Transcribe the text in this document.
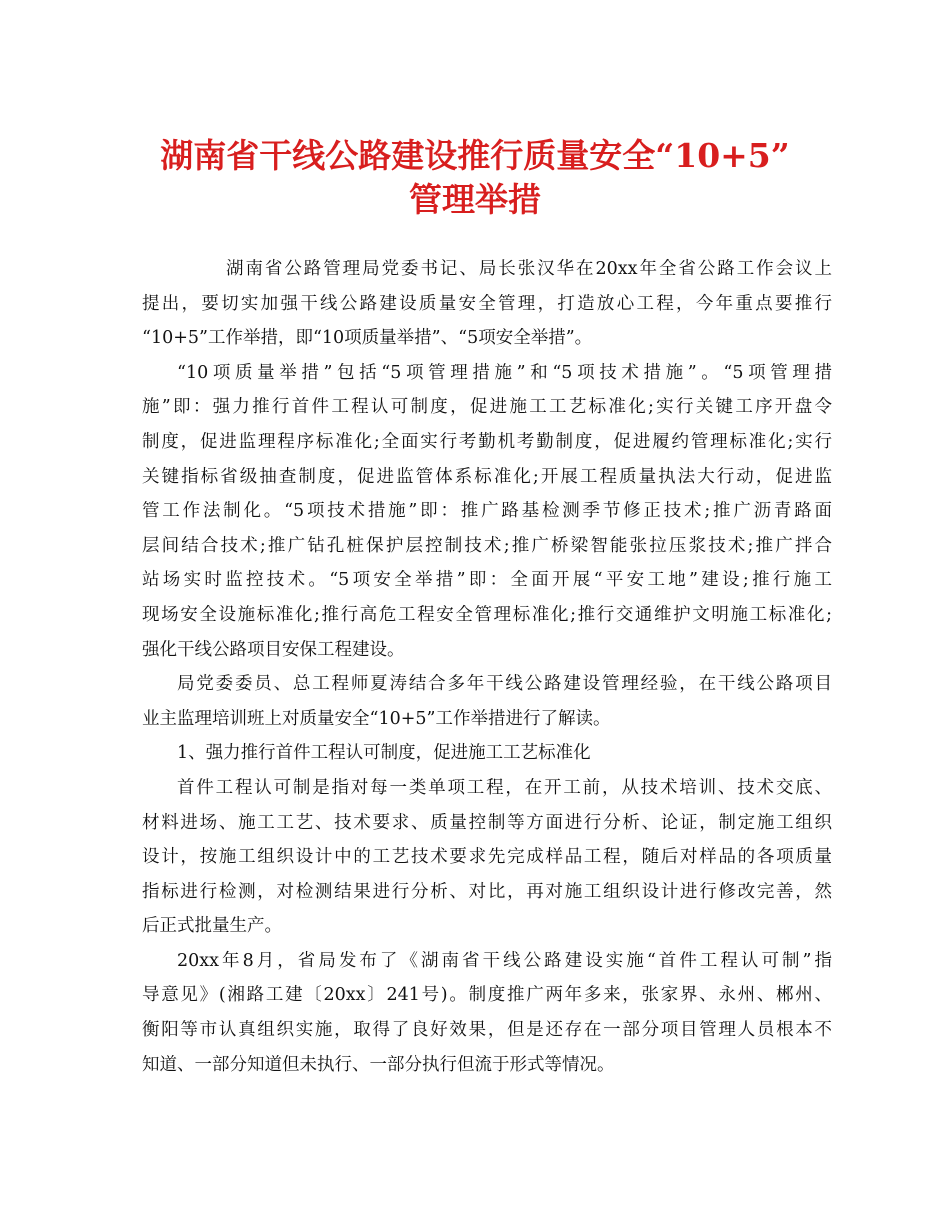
湖南省干线公路建设推行质量安全“10+5”
管理举措

湖南省公路管理局党委书记、局长张汉华在20xx年全省公路工作会议上

提出，要切实加强干线公路建设质量安全管理，打造放心工程，今年重点要推行

“10+5”工作举措，即“10项质量举措”、“5项安全举措”。

“10项质量举措”包括“5项管理措施”和“5项技术措施”。“5项管理措

施”即：强力推行首件工程认可制度，促进施工工艺标准化;实行关键工序开盘令

制度，促进监理程序标准化;全面实行考勤机考勤制度，促进履约管理标准化;实行

关键指标省级抽查制度，促进监管体系标准化;开展工程质量执法大行动，促进监

管工作法制化。“5项技术措施”即：推广路基检测季节修正技术;推广沥青路面

层间结合技术;推广钻孔桩保护层控制技术;推广桥梁智能张拉压浆技术;推广拌合

站场实时监控技术。“5项安全举措”即：全面开展“平安工地”建设;推行施工

现场安全设施标准化;推行高危工程安全管理标准化;推行交通维护文明施工标准化;

强化干线公路项目安保工程建设。

局党委委员、总工程师夏涛结合多年干线公路建设管理经验，在干线公路项目

业主监理培训班上对质量安全“10+5”工作举措进行了解读。

1、强力推行首件工程认可制度，促进施工工艺标准化

首件工程认可制是指对每一类单项工程，在开工前，从技术培训、技术交底、

材料进场、施工工艺、技术要求、质量控制等方面进行分析、论证，制定施工组织

设计，按施工组织设计中的工艺技术要求先完成样品工程，随后对样品的各项质量

指标进行检测，对检测结果进行分析、对比，再对施工组织设计进行修改完善，然

后正式批量生产。

20xx年8月，省局发布了《湖南省干线公路建设实施“首件工程认可制”指

导意见》(湘路工建〔20xx〕241号)。制度推广两年多来，张家界、永州、郴州、

衡阳等市认真组织实施，取得了良好效果，但是还存在一部分项目管理人员根本不

知道、一部分知道但未执行、一部分执行但流于形式等情况。
